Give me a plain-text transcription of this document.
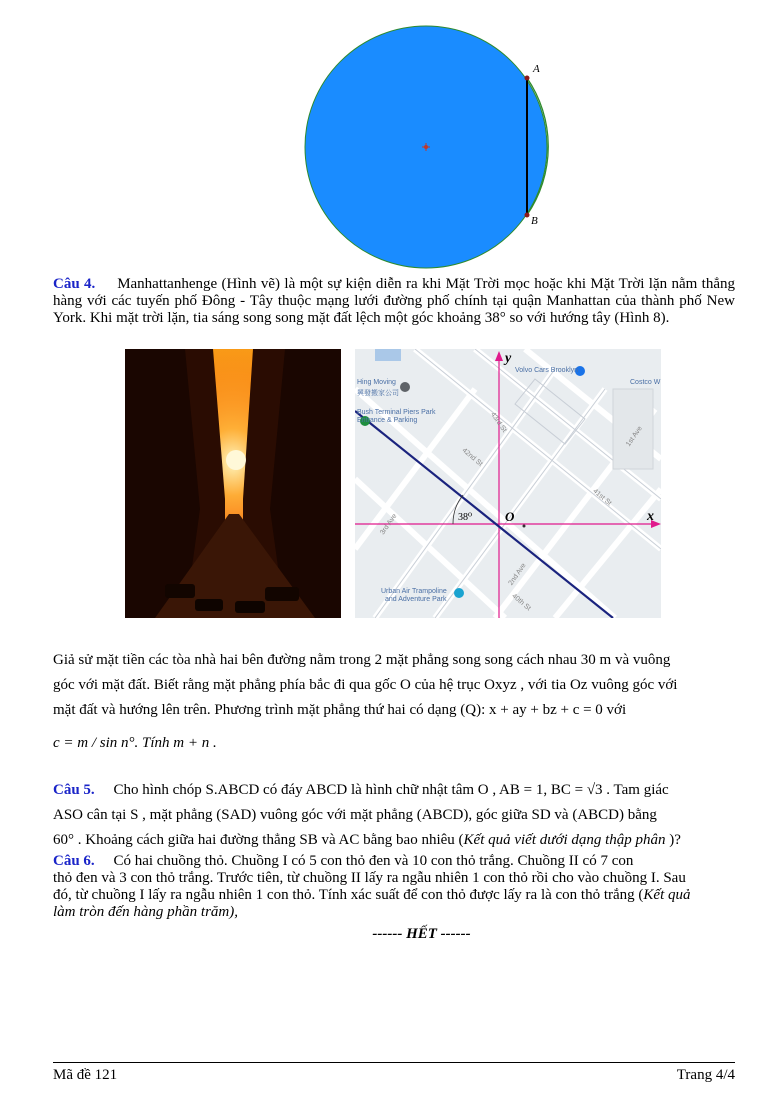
A
B
Câu 4. Manhattanhenge (Hình vẽ) là một sự kiện diễn ra khi Mặt Trời mọc hoặc khi Mặt Trời lặn nằm thẳng hàng với các tuyến phố Đông - Tây thuộc mạng lưới đường phố chính tại quận Manhattan của thành phố New York. Khi mặt trời lặn, tia sáng song song mặt đất lệch một góc khoảng 38° so với hướng tây (Hình 8).
y
x
O
38⁰
Volvo Cars Brooklyn
Costco W
Hing Moving
興發搬家公司
Bush Terminal Piers Park
Entrance & Parking
Urban Air Trampoline
and Adventure Park
43rd St
42nd St
41st St
40th St
1st Ave
2nd Ave
3rd Ave
Giả sử mặt tiền các tòa nhà hai bên đường nằm trong 2 mặt phẳng song song cách nhau 30 m và vuông
góc với mặt đất. Biết rằng mặt phẳng phía bắc đi qua gốc O của hệ trục Oxyz , với tia Oz vuông góc với
mặt đất và hướng lên trên. Phương trình mặt phẳng thứ hai có dạng (Q): x + ay + bz + c = 0 với
c = m / sin n°. Tính m + n .
Câu 5. Cho hình chóp S.ABCD có đáy ABCD là hình chữ nhật tâm O , AB = 1, BC = √3 . Tam giác
ASO cân tại S , mặt phẳng (SAD) vuông góc với mặt phẳng (ABCD), góc giữa SD và (ABCD) bằng
60° . Khoảng cách giữa hai đường thẳng SB và AC bằng bao nhiêu (Kết quả viết dưới dạng thập phân )?
Câu 6. Có hai chuồng thỏ. Chuồng I có 5 con thỏ đen và 10 con thỏ trắng. Chuồng II có 7 con
thỏ đen và 3 con thỏ trắng. Trước tiên, từ chuồng II lấy ra ngẫu nhiên 1 con thỏ rồi cho vào chuồng I. Sau
đó, từ chuồng I lấy ra ngẫu nhiên 1 con thỏ. Tính xác suất để con thỏ được lấy ra là con thỏ trắng (Kết quả
làm tròn đến hàng phần trăm),
------ HẾT ------
Mã đề 121	Trang 4/4
